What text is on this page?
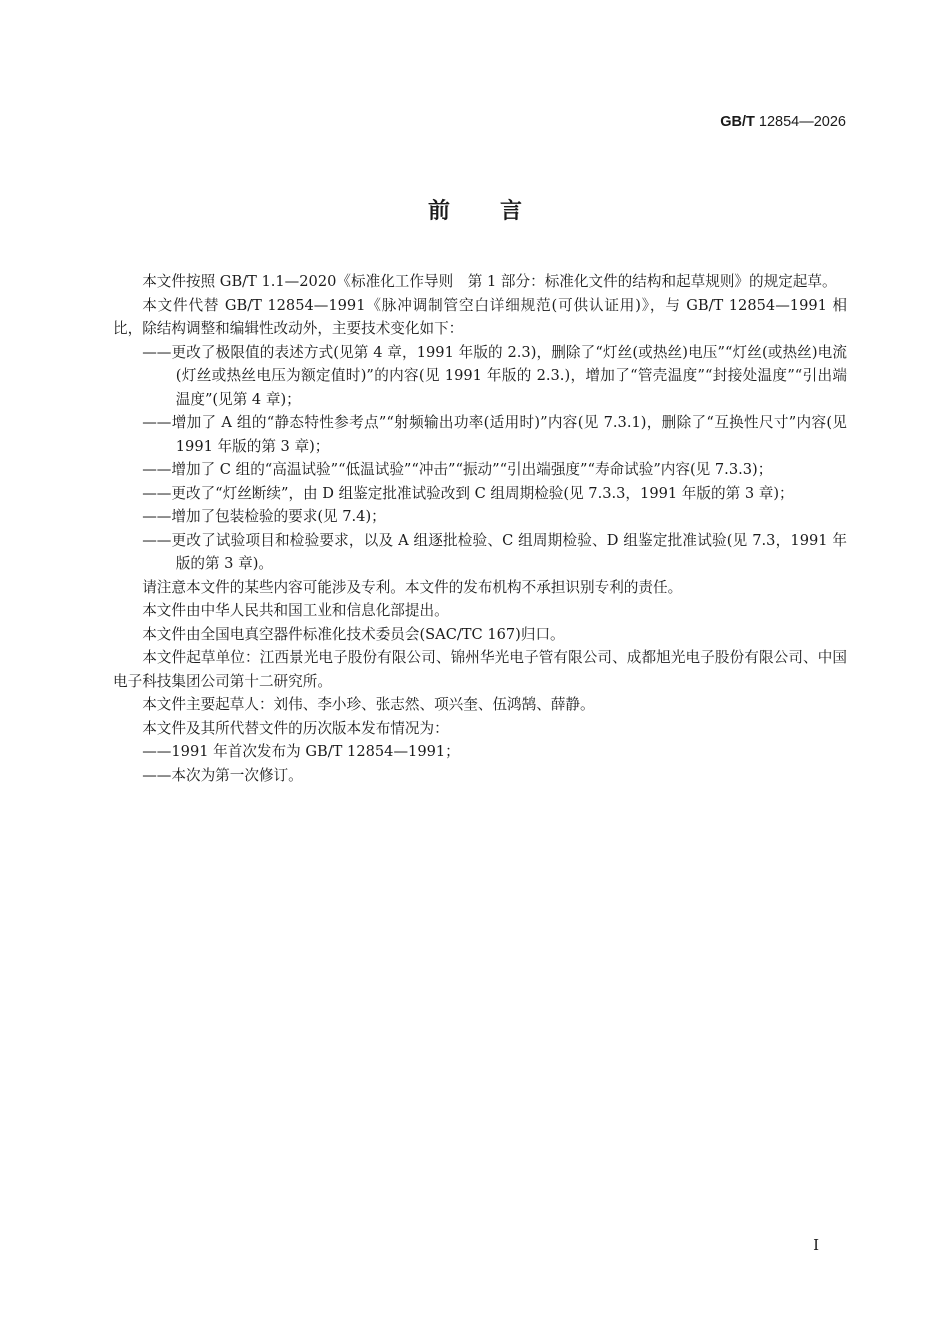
GB/T 12854—2026
前言

本文件按照 GB/T 1.1—2020《标准化工作导则　第 1 部分：标准化文件的结构和起草规则》的规定起草。

本文件代替 GB/T 12854—1991《脉冲调制管空白详细规范(可供认证用)》，与 GB/T 12854—1991 相比，除结构调整和编辑性改动外，主要技术变化如下：

——更改了极限值的表述方式(见第 4 章，1991 年版的 2.3)，删除了“灯丝(或热丝)电压”“灯丝(或热丝)电流(灯丝或热丝电压为额定值时)”的内容(见 1991 年版的 2.3.)，增加了“管壳温度”“封接处温度”“引出端温度”(见第 4 章)；

——增加了 A 组的“静态特性参考点”“射频输出功率(适用时)”内容(见 7.3.1)，删除了“互换性尺寸”内容(见 1991 年版的第 3 章)；

——增加了 C 组的“高温试验”“低温试验”“冲击”“振动”“引出端强度”“寿命试验”内容(见 7.3.3)；

——更改了“灯丝断续”，由 D 组鉴定批准试验改到 C 组周期检验(见 7.3.3，1991 年版的第 3 章)；

——增加了包装检验的要求(见 7.4)；

——更改了试验项目和检验要求，以及 A 组逐批检验、C 组周期检验、D 组鉴定批准试验(见 7.3，1991 年版的第 3 章)。

请注意本文件的某些内容可能涉及专利。本文件的发布机构不承担识别专利的责任。

本文件由中华人民共和国工业和信息化部提出。

本文件由全国电真空器件标准化技术委员会(SAC/TC 167)归口。

本文件起草单位：江西景光电子股份有限公司、锦州华光电子管有限公司、成都旭光电子股份有限公司、中国电子科技集团公司第十二研究所。

本文件主要起草人：刘伟、李小珍、张志然、项兴奎、伍鸿鹄、薛静。

本文件及其所代替文件的历次版本发布情况为：

——1991 年首次发布为 GB/T 12854—1991；

——本次为第一次修订。

I
